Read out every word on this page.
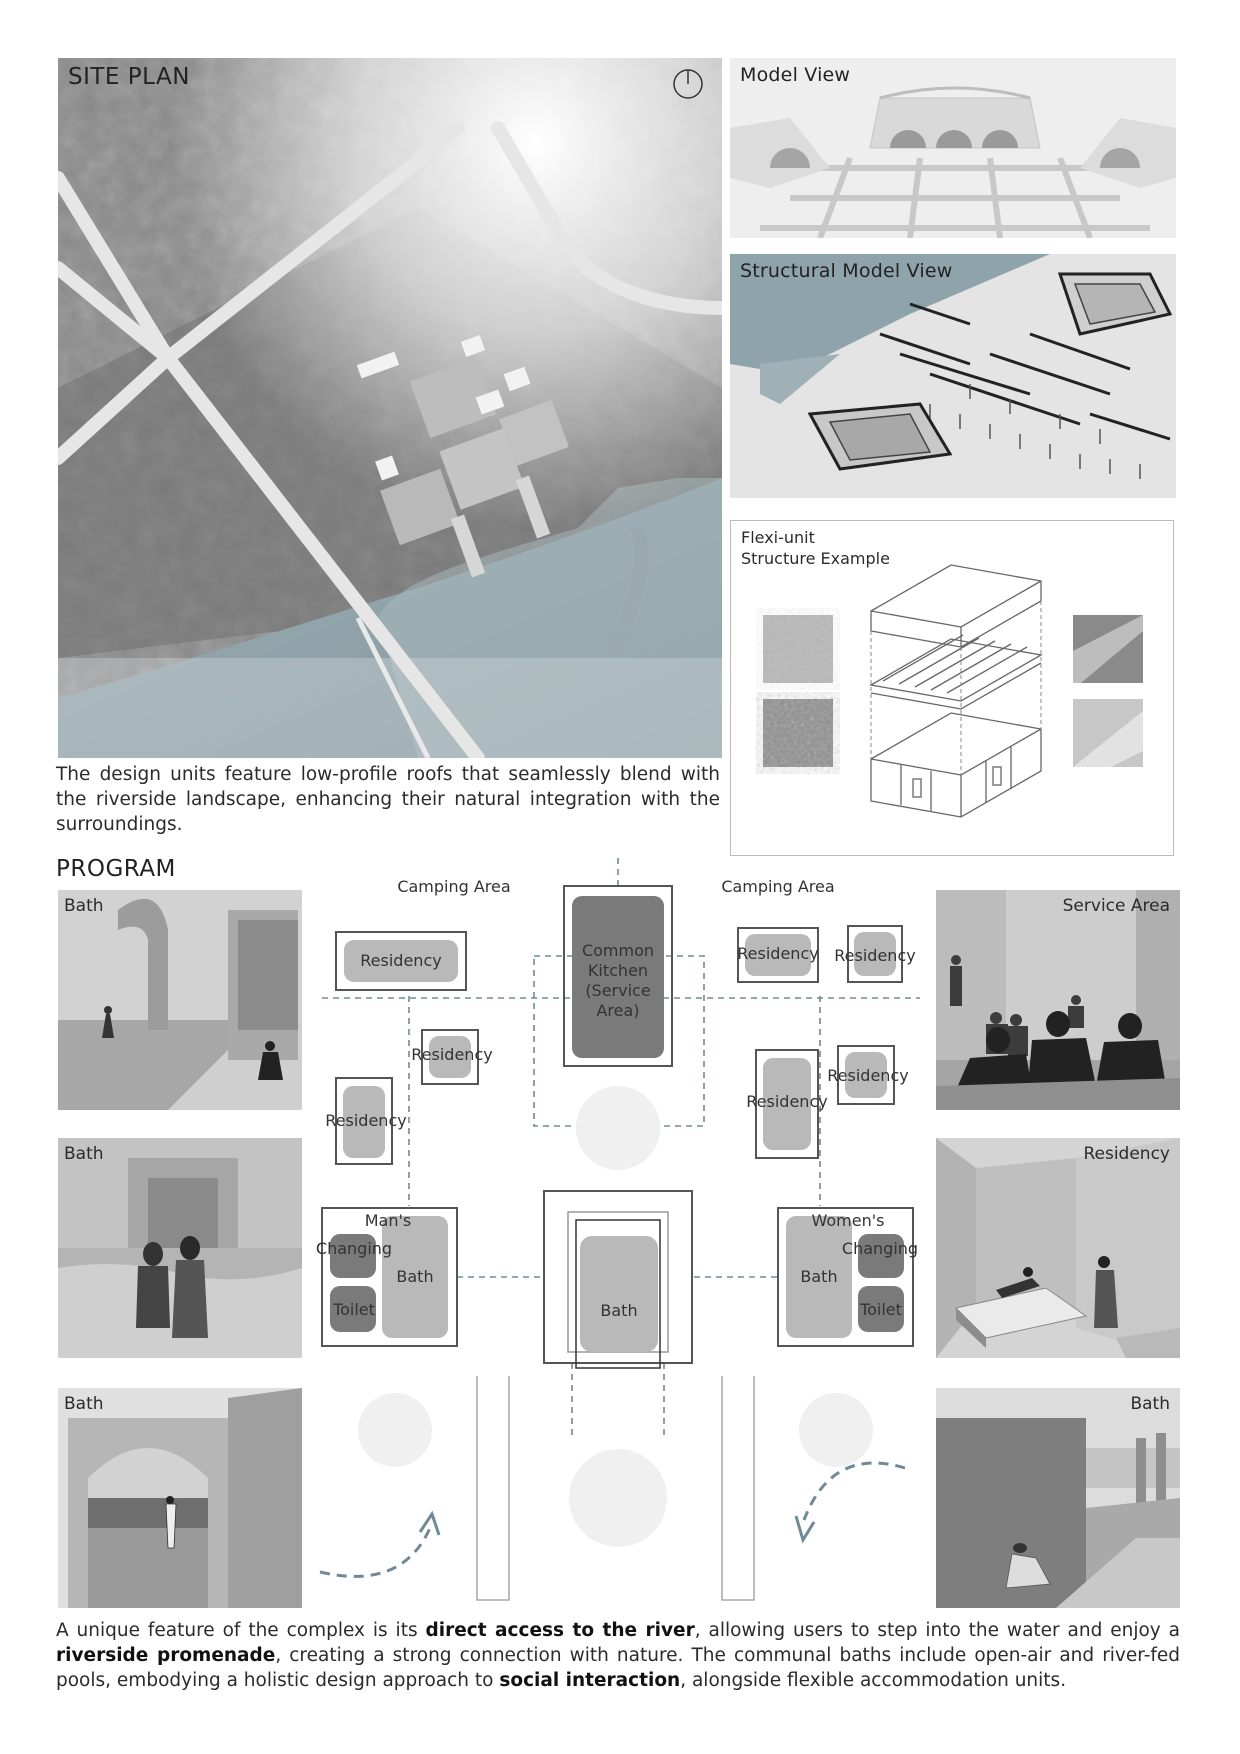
SITE PLAN
The design units feature low-profile roofs that seamlessly blend with the riverside landscape, enhancing their natural integration with the surroundings.
Model View
Structural Model View
Flexi-unit
Structure Example
PROGRAM
Bath
Bath
Bath
Service Area
Residency
Bath
Camping Area	Camping Area
Common
Kitchen
(Service
Area)
Residency	Residency Residency
Residency
Residency
Residency
Residency
Man's
Changing
Bath
Toilet
Women's
Changing
Bath
Toilet
Bath
A unique feature of the complex is its direct access to the river, allowing users to step into the water and enjoy a riverside promenade, creating a strong connection with nature. The communal baths include open-air and river-fed pools, embodying a holistic design approach to social interaction, alongside flexible accommodation units.
